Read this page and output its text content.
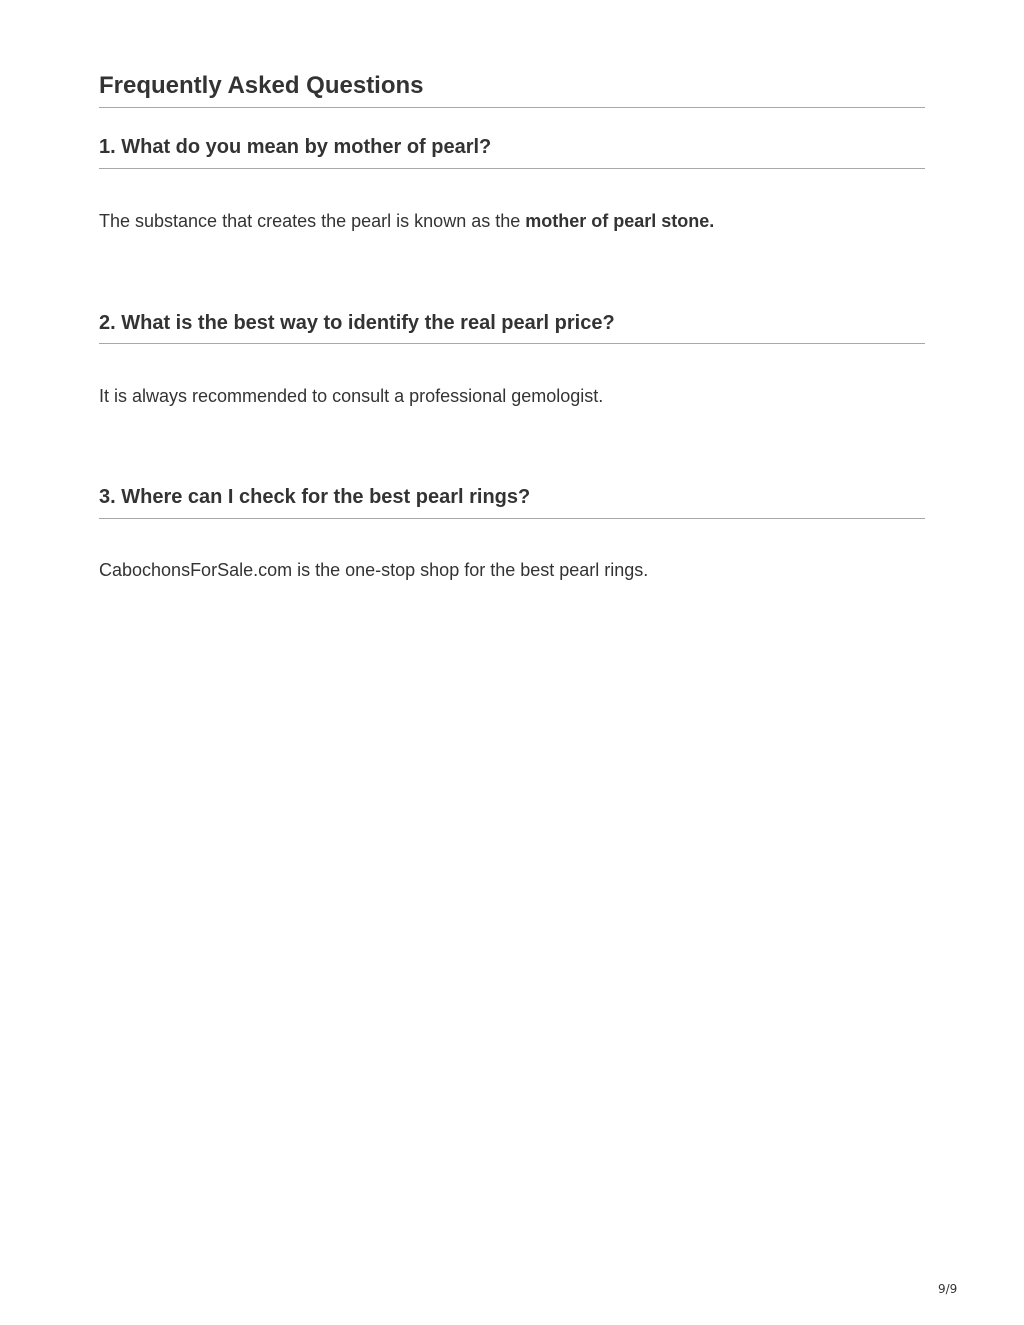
Frequently Asked Questions
1. What do you mean by mother of pearl?

The substance that creates the pearl is known as the mother of pearl stone.

2. What is the best way to identify the real pearl price?

It is always recommended to consult a professional gemologist.

3. Where can I check for the best pearl rings?

CabochonsForSale.com is the one-stop shop for the best pearl rings.

9/9
